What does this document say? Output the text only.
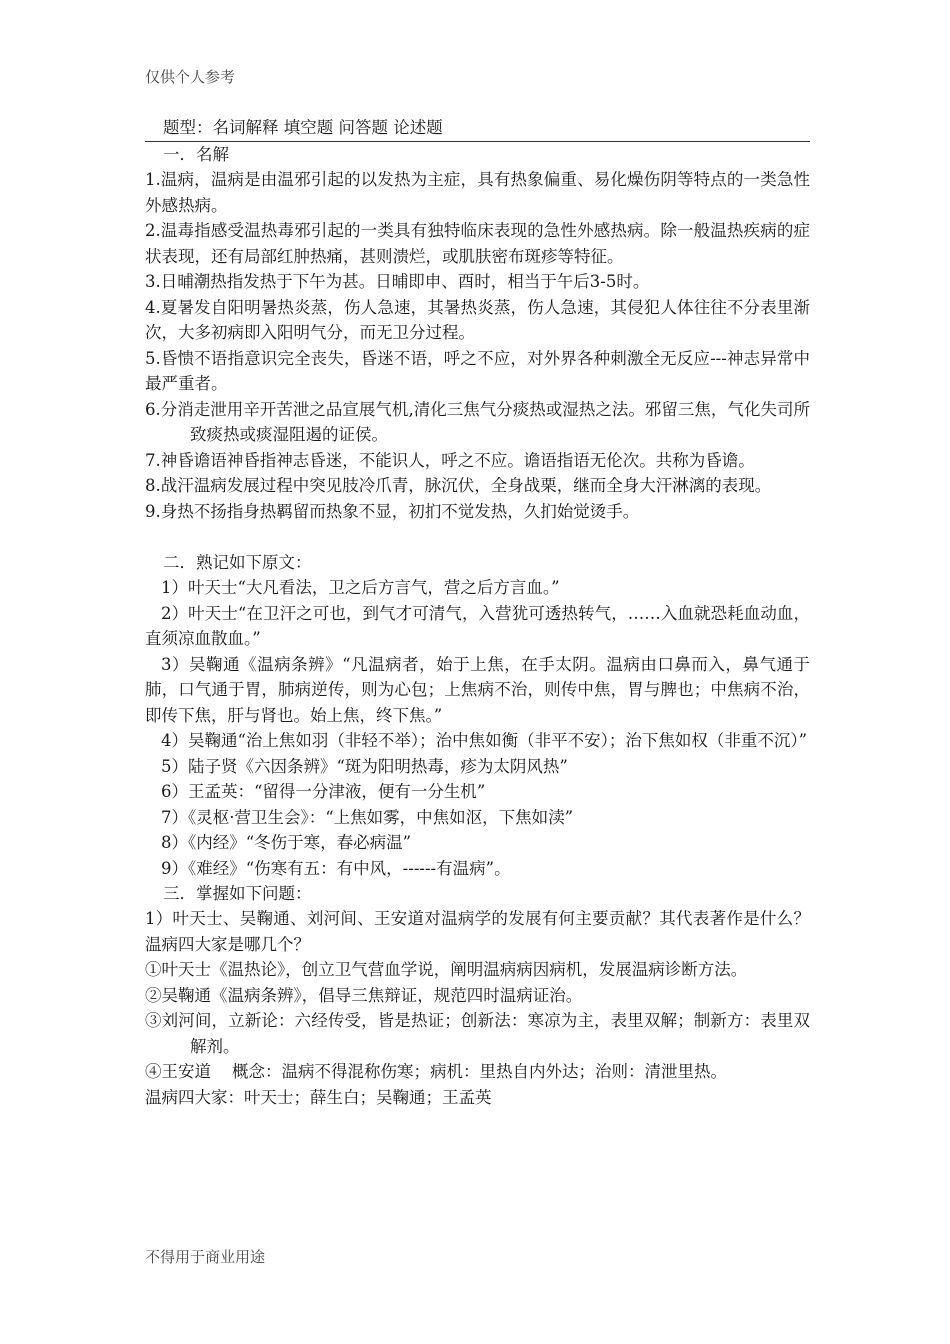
仅供个人参考
题型：名词解释 填空题 问答题 论述题
一．名解

1.温病，温病是由温邪引起的以发热为主症，具有热象偏重、易化燥伤阴等特点的一类急性外感热病。

2.温毒指感受温热毒邪引起的一类具有独特临床表现的急性外感热病。除一般温热疾病的症状表现，还有局部红肿热痛，甚则溃烂，或肌肤密布斑疹等特征。

3.日晡潮热指发热于下午为甚。日晡即申、酉时，相当于午后3-5时。

4.夏暑发自阳明暑热炎蒸，伤人急速，其暑热炎蒸，伤人急速，其侵犯人体往往不分表里渐次，大多初病即入阳明气分，而无卫分过程。

5.昏愦不语指意识完全丧失，昏迷不语，呼之不应，对外界各种刺激全无反应---神志异常中最严重者。

6.分消走泄用辛开苦泄之品宣展气机,清化三焦气分痰热或湿热之法。邪留三焦，气化失司所致痰热或痰湿阻遏的证侯。

7.神昏谵语神昏指神志昏迷，不能识人，呼之不应。谵语指语无伦次。共称为昏谵。

8.战汗温病发展过程中突见肢冷爪青，脉沉伏，全身战栗，继而全身大汗淋漓的表现。

9.身热不扬指身热羁留而热象不显，初扪不觉发热，久扪始觉烫手。

二．熟记如下原文：

1）叶天士“大凡看法，卫之后方言气，营之后方言血。”

2）叶天士“在卫汗之可也，到气才可清气，入营犹可透热转气，……入血就恐耗血动血，直须凉血散血。”

3）吴鞠通《温病条辨》“凡温病者，始于上焦，在手太阴。温病由口鼻而入，鼻气通于肺，口气通于胃，肺病逆传，则为心包；上焦病不治，则传中焦，胃与脾也；中焦病不治，即传下焦，肝与肾也。始上焦，终下焦。”

4）吴鞠通“治上焦如羽（非轻不举）；治中焦如衡（非平不安）；治下焦如权（非重不沉）”

5）陆子贤《六因条辨》“斑为阳明热毒，疹为太阴风热”

6）王孟英：“留得一分津液，便有一分生机”

7）《灵枢·营卫生会》：“上焦如雾，中焦如沤，下焦如渎”

8）《内经》“冬伤于寒，春必病温”

9）《难经》“伤寒有五：有中风，------有温病”。

三．掌握如下问题：

1）叶天士、吴鞠通、刘河间、王安道对温病学的发展有何主要贡献？其代表著作是什么？温病四大家是哪几个？

①叶天士《温热论》，创立卫气营血学说，阐明温病病因病机，发展温病诊断方法。

②吴鞠通《温病条辨》，倡导三焦辩证，规范四时温病证治。

③刘河间，立新论：六经传受，皆是热证；创新法：寒凉为主，表里双解；制新方：表里双解剂。

④王安道    概念：温病不得混称伤寒；病机：里热自内外达；治则：清泄里热。

温病四大家：叶天士；薛生白；吴鞠通；王孟英

不得用于商业用途
